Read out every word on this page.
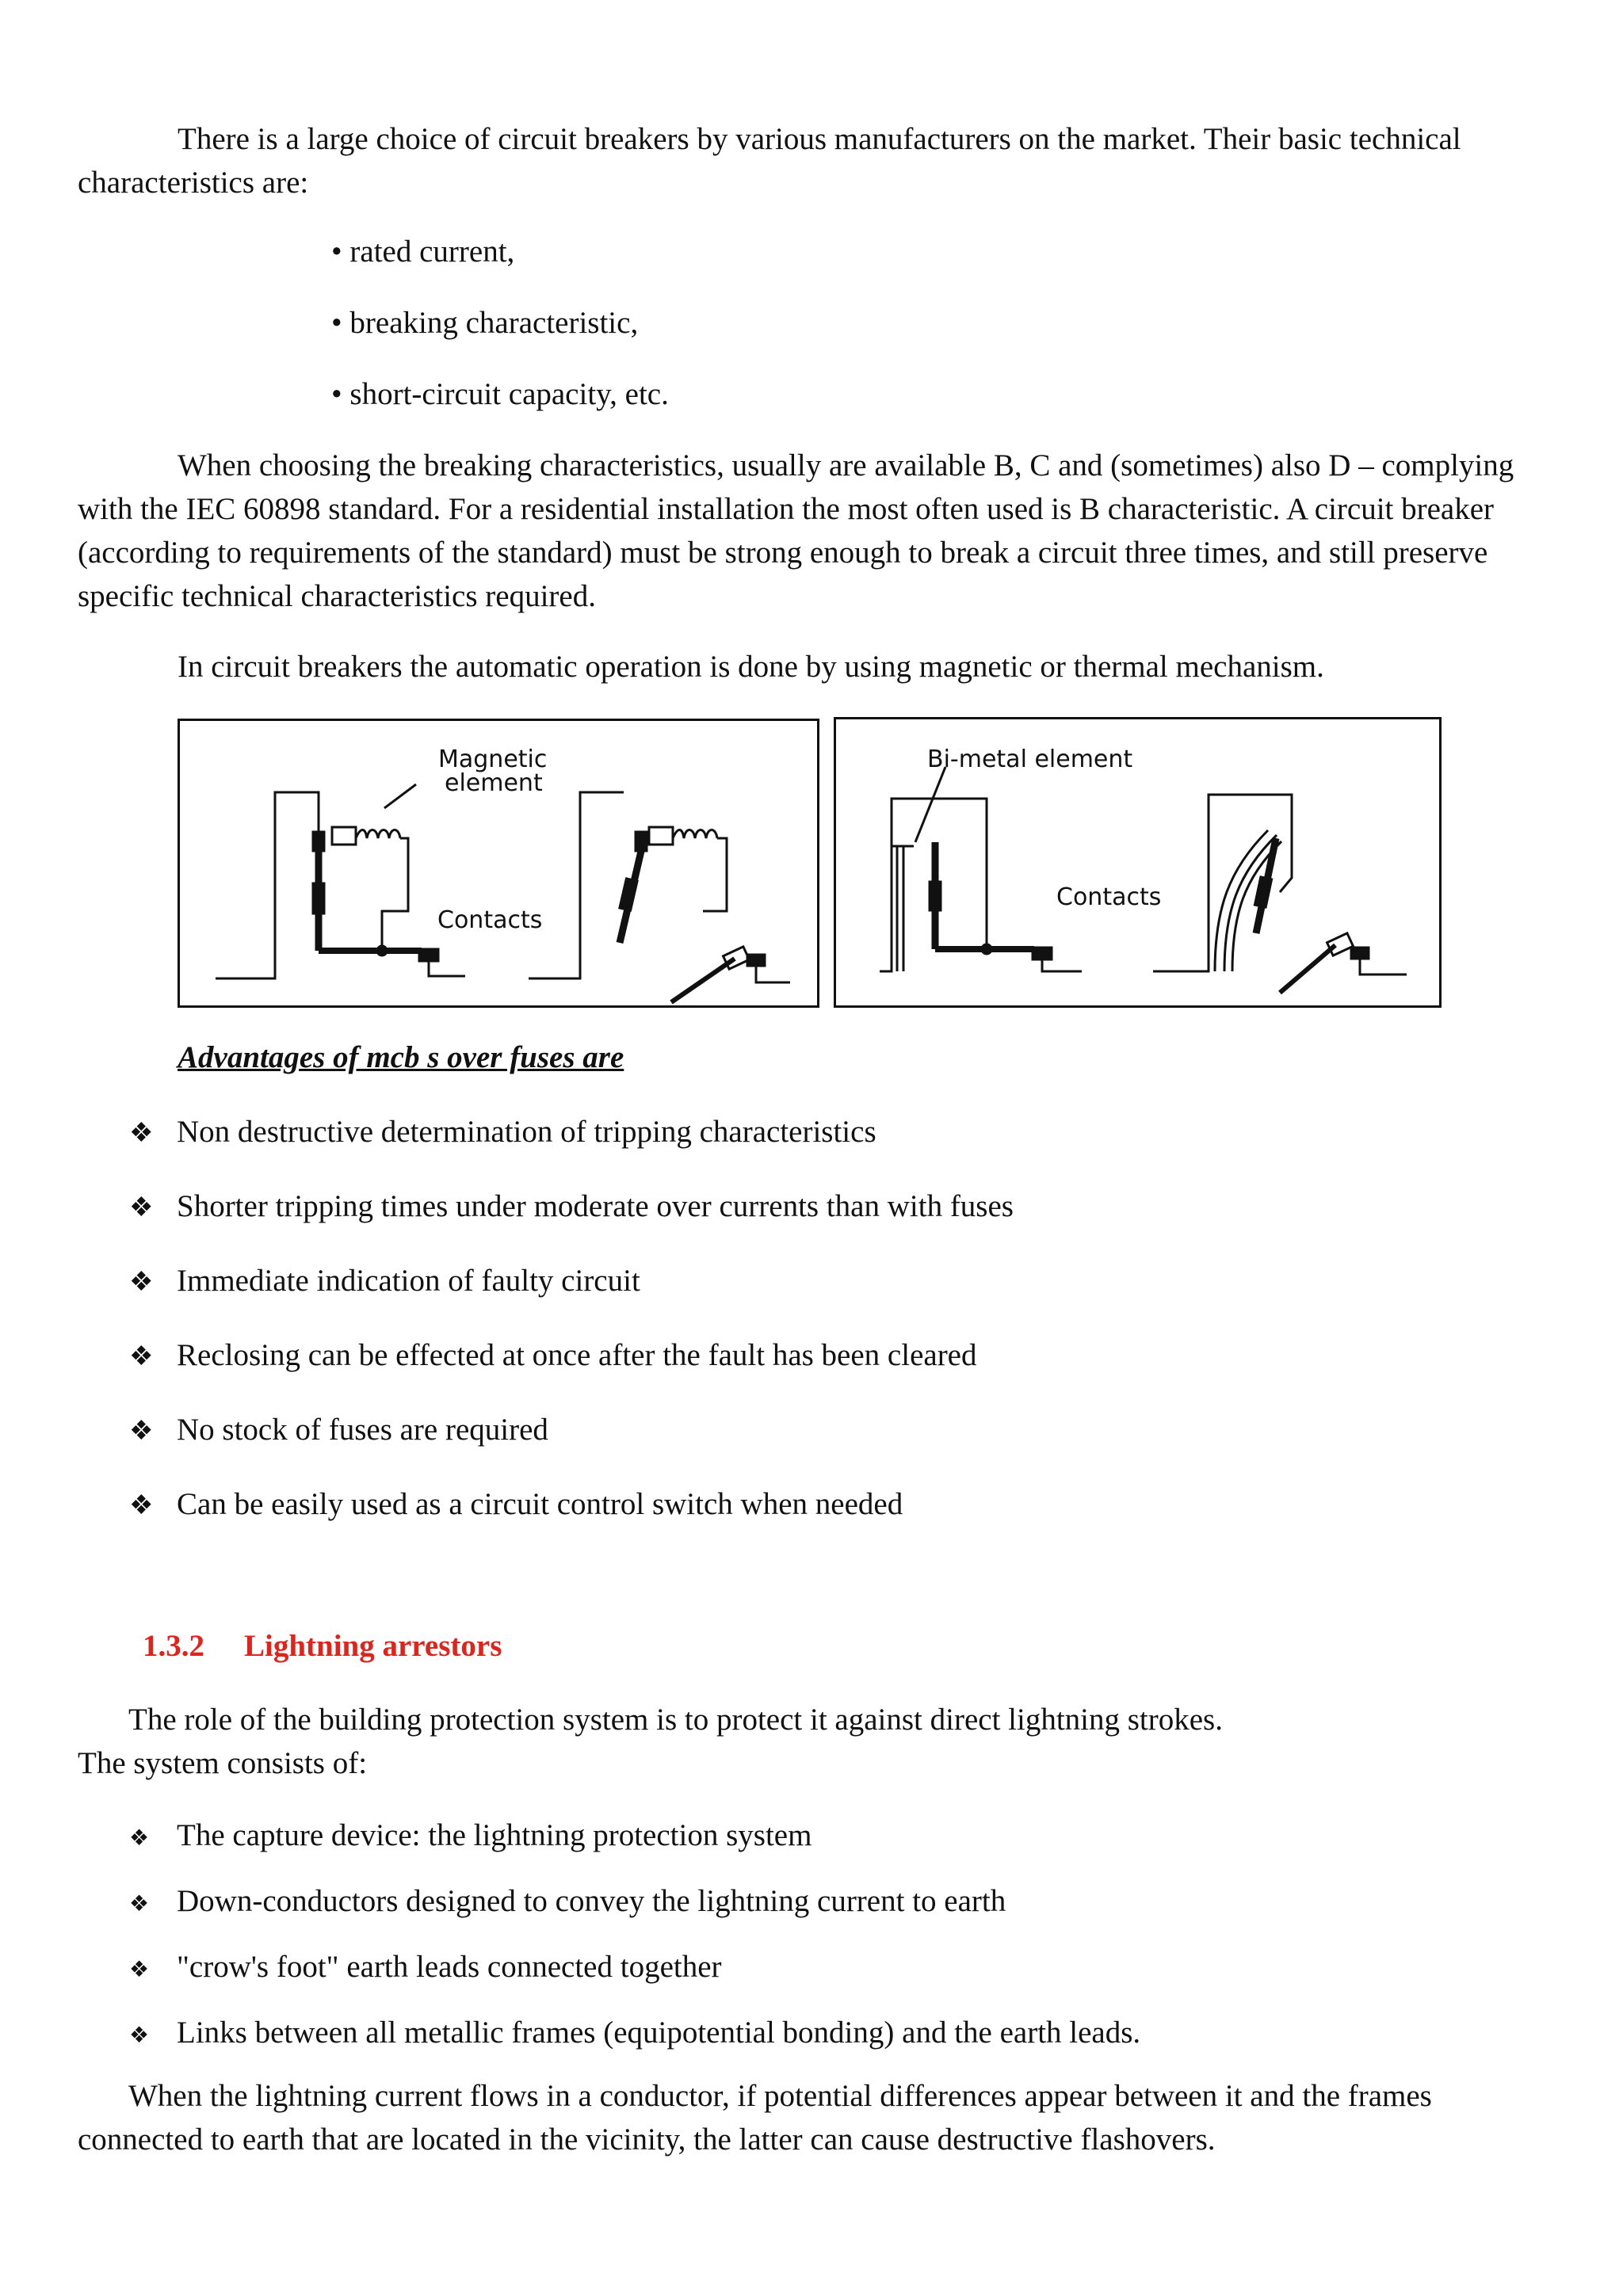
There is a large choice of circuit breakers by various manufacturers on the market. Their basic technical characteristics are:

• rated current,

• breaking characteristic,

• short-circuit capacity, etc.

When choosing the breaking characteristics, usually are available B, C and (sometimes) also D – complying with the IEC 60898 standard. For a residential installation the most often used is B characteristic. A circuit breaker (according to requirements of the standard) must be strong enough to break a circuit three times, and still preserve specific technical characteristics required.

In circuit breakers the automatic operation is done by using magnetic or thermal mechanism.

Magnetic
element
Contacts
Bi-metal element
Contacts

Advantages of mcb s over fuses are

❖ Non destructive determination of tripping characteristics

❖ Shorter tripping times under moderate over currents than with fuses

❖ Immediate indication of faulty circuit

❖ Reclosing can be effected at once after the fault has been cleared

❖ No stock of fuses are required

❖ Can be easily used as a circuit control switch when needed

1.3.2 Lightning arrestors

The role of the building protection system is to protect it against direct lightning strokes.

The system consists of:

❖ The capture device: the lightning protection system

❖ Down-conductors designed to convey the lightning current to earth

❖ "crow's foot" earth leads connected together

❖ Links between all metallic frames (equipotential bonding) and the earth leads.

When the lightning current flows in a conductor, if potential differences appear between it and the frames connected to earth that are located in the vicinity, the latter can cause destructive flashovers.
